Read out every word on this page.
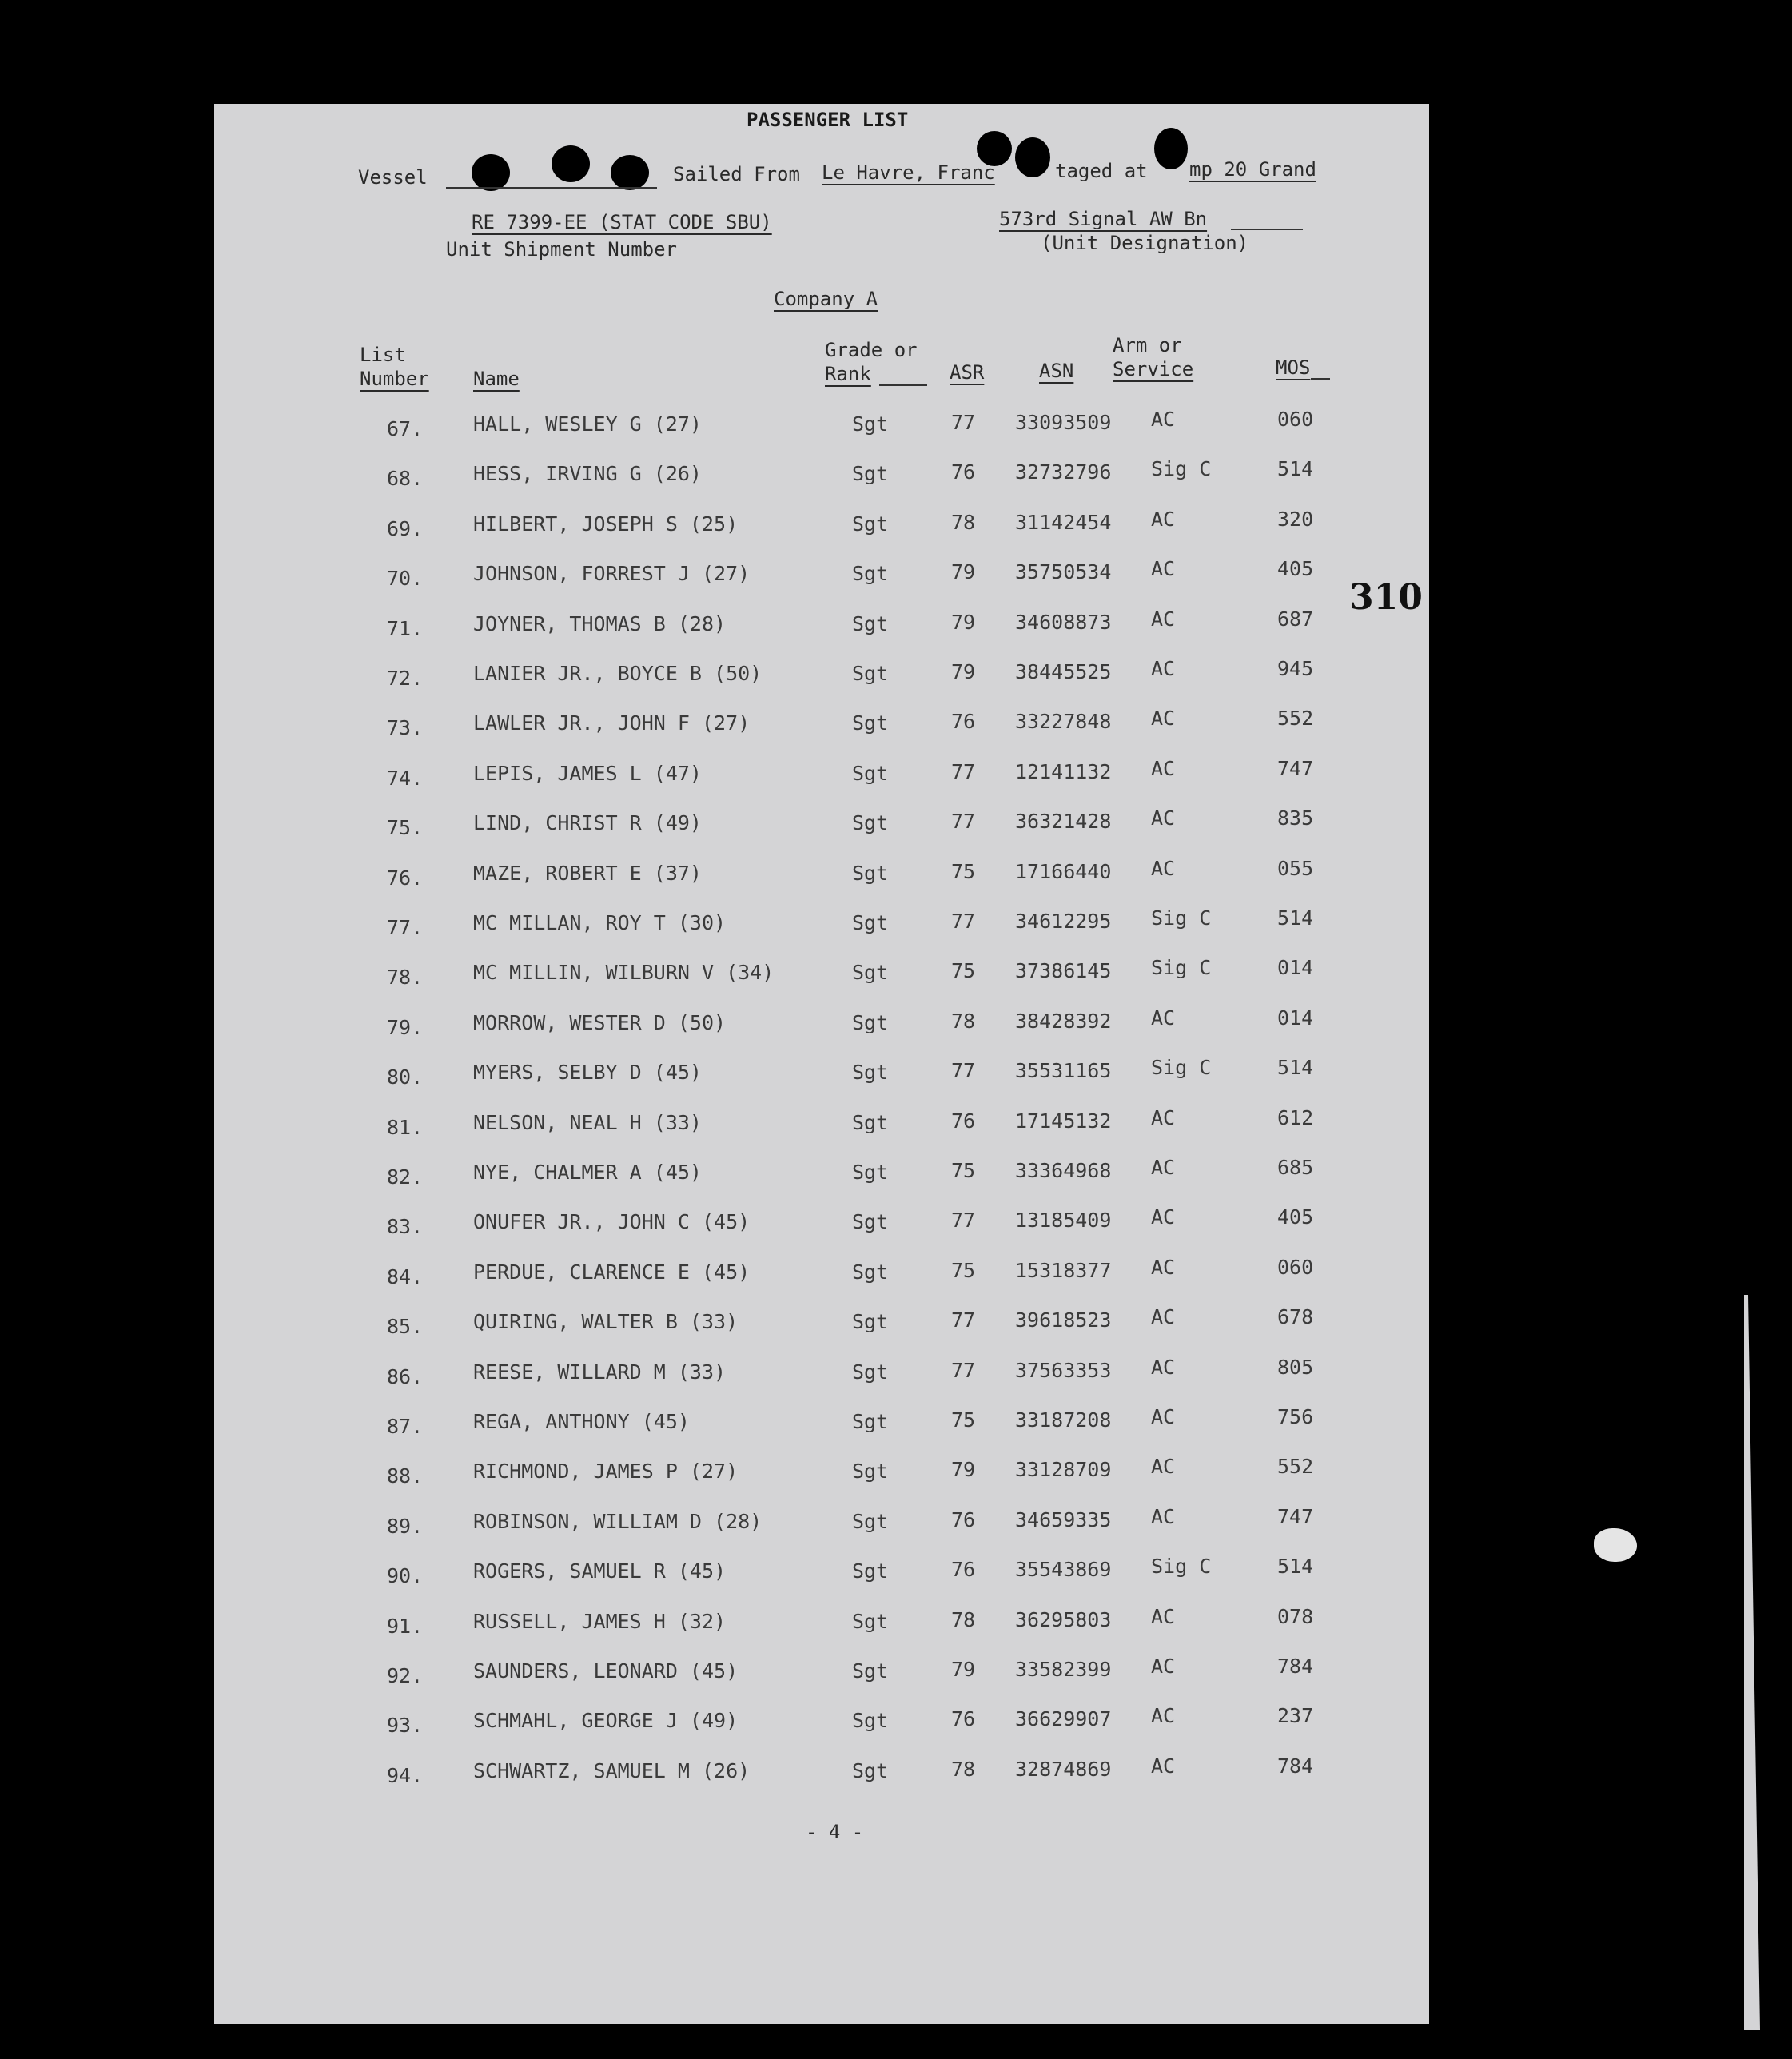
PASSENGER LIST
Vessel	Sailed From Le Havre, Franc	taged at mp 20 Grand
RE 7399-EE (STAT CODE SBU)
Unit Shipment Number
573rd Signal AW Bn
(Unit Designation)
Company A
310
List
Number Name
Grade or
Rank	ASR	ASN
Arm or
Service	MOS
67.	HALL, WESLEY G (27)	Sgt	77 33093509 AC	060
68.	HESS, IRVING G (26)	Sgt	76 32732796 Sig C	514
69.	HILBERT, JOSEPH S (25)	Sgt	78 31142454 AC	320
70.	JOHNSON, FORREST J (27)	Sgt	79 35750534 AC	405
71.	JOYNER, THOMAS B (28)	Sgt	79 34608873 AC	687
72.	LANIER JR., BOYCE B (50)	Sgt	79 38445525 AC	945
73.	LAWLER JR., JOHN F (27)	Sgt	76 33227848 AC	552
74.	LEPIS, JAMES L (47)	Sgt	77 12141132 AC	747
75.	LIND, CHRIST R (49)	Sgt	77 36321428 AC	835
76.	MAZE, ROBERT E (37)	Sgt	75 17166440 AC	055
77.	MC MILLAN, ROY T (30)	Sgt	77 34612295 Sig C	514
78.	MC MILLIN, WILBURN V (34)	Sgt	75 37386145 Sig C	014
79.	MORROW, WESTER D (50)	Sgt	78 38428392 AC	014
80.	MYERS, SELBY D (45)	Sgt	77 35531165 Sig C	514
81.	NELSON, NEAL H (33)	Sgt	76 17145132 AC	612
82.	NYE, CHALMER A (45)	Sgt	75 33364968 AC	685
83.	ONUFER JR., JOHN C (45)	Sgt	77 13185409 AC	405
84.	PERDUE, CLARENCE E (45)	Sgt	75 15318377 AC	060
85.	QUIRING, WALTER B (33)	Sgt	77 39618523 AC	678
86.	REESE, WILLARD M (33)	Sgt	77 37563353 AC	805
87.	REGA, ANTHONY (45)	Sgt	75 33187208 AC	756
88.	RICHMOND, JAMES P (27)	Sgt	79 33128709 AC	552
89.	ROBINSON, WILLIAM D (28)	Sgt	76 34659335 AC	747
90.	ROGERS, SAMUEL R (45)	Sgt	76 35543869 Sig C	514
91.	RUSSELL, JAMES H (32)	Sgt	78 36295803 AC	078
92.	SAUNDERS, LEONARD (45)	Sgt	79 33582399 AC	784
93.	SCHMAHL, GEORGE J (49)	Sgt	76 36629907 AC	237
94.	SCHWARTZ, SAMUEL M (26)	Sgt	78 32874869 AC	784
- 4 -
